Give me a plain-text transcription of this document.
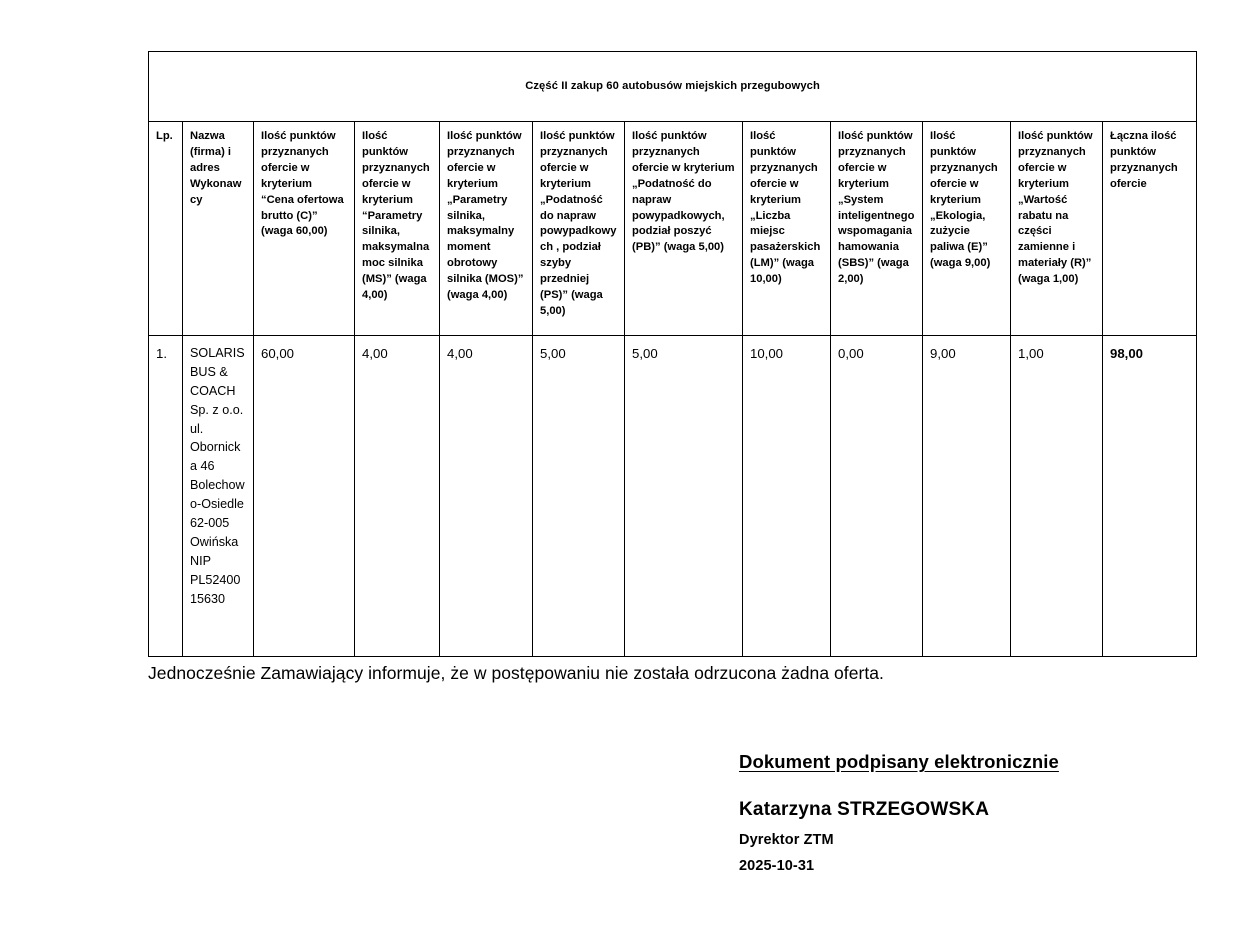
Część II zakup 60 autobusów miejskich przegubowych											
Lp.	Nazwa (firma) i adres Wykonawcy	Ilość punktów przyznanych ofercie w kryterium “Cena ofertowa brutto (C)” (waga 60,00)	Ilość punktów przyznanych ofercie w kryterium “Parametry silnika, maksymalna moc silnika (MS)” (waga 4,00)	Ilość punktów przyznanych ofercie w kryterium „Parametry silnika, maksymalny moment obrotowy silnika (MOS)” (waga 4,00)	Ilość punktów przyznanych ofercie w kryterium „Podatność do napraw powypadkowych , podział szyby przedniej (PS)” (waga 5,00)	Ilość punktów przyznanych ofercie w kryterium „Podatność do napraw powypadkowych, podział poszyć (PB)” (waga 5,00)	Ilość punktów przyznanych ofercie w kryterium „Liczba miejsc pasażerskich (LM)” (waga 10,00)	Ilość punktów przyznanych ofercie w kryterium „System inteligentnego wspomagania hamowania (SBS)” (waga 2,00)	Ilość punktów przyznanych ofercie w kryterium „Ekologia, zużycie paliwa (E)” (waga 9,00)	Ilość punktów przyznanych ofercie w kryterium „Wartość rabatu na części zamienne i materiały (R)” (waga 1,00)	Łączna ilość punktów przyznanych ofercie
1.	SOLARIS BUS & COACH Sp. z o.o. ul. Obornicka 46 Bolechowo-Osiedle 62-005 Owińska NIP PL5240015630	60,00	4,00	4,00	5,00	5,00	10,00	0,00	9,00	1,00	98,00

Jednocześnie Zamawiający informuje, że w postępowaniu nie została odrzucona żadna oferta.

Dokument podpisany elektronicznie
Katarzyna STRZEGOWSKA
Dyrektor ZTM
2025-10-31
